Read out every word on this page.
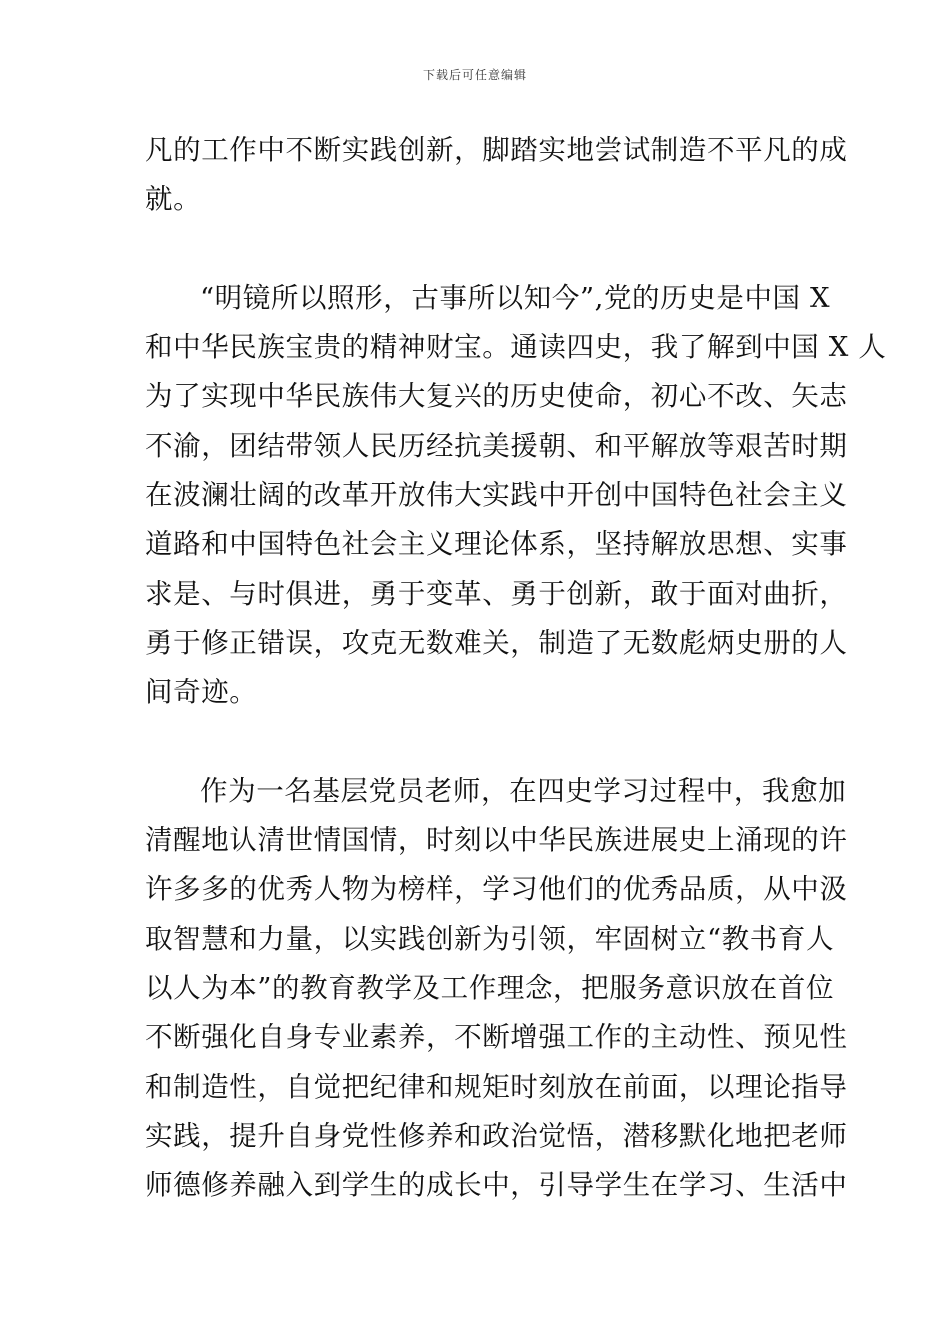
下载后可任意编辑
凡的工作中不断实践创新，脚踏实地尝试制造不平凡的成
就。
“明镜所以照形，古事所以知今”,党的历史是中国 X
和中华民族宝贵的精神财宝。通读四史，我了解到中国 X 人
为了实现中华民族伟大复兴的历史使命，初心不改、矢志
不渝，团结带领人民历经抗美援朝、和平解放等艰苦时期
在波澜壮阔的改革开放伟大实践中开创中国特色社会主义
道路和中国特色社会主义理论体系，坚持解放思想、实事
求是、与时俱进，勇于变革、勇于创新，敢于面对曲折，
勇于修正错误，攻克无数难关，制造了无数彪炳史册的人
间奇迹。
作为一名基层党员老师，在四史学习过程中，我愈加
清醒地认清世情国情，时刻以中华民族进展史上涌现的许
许多多的优秀人物为榜样，学习他们的优秀品质，从中汲
取智慧和力量，以实践创新为引领，牢固树立“教书育人
以人为本”的教育教学及工作理念，把服务意识放在首位
不断强化自身专业素养，不断增强工作的主动性、预见性
和制造性，自觉把纪律和规矩时刻放在前面，以理论指导
实践，提升自身党性修养和政治觉悟，潜移默化地把老师
师德修养融入到学生的成长中，引导学生在学习、生活中
